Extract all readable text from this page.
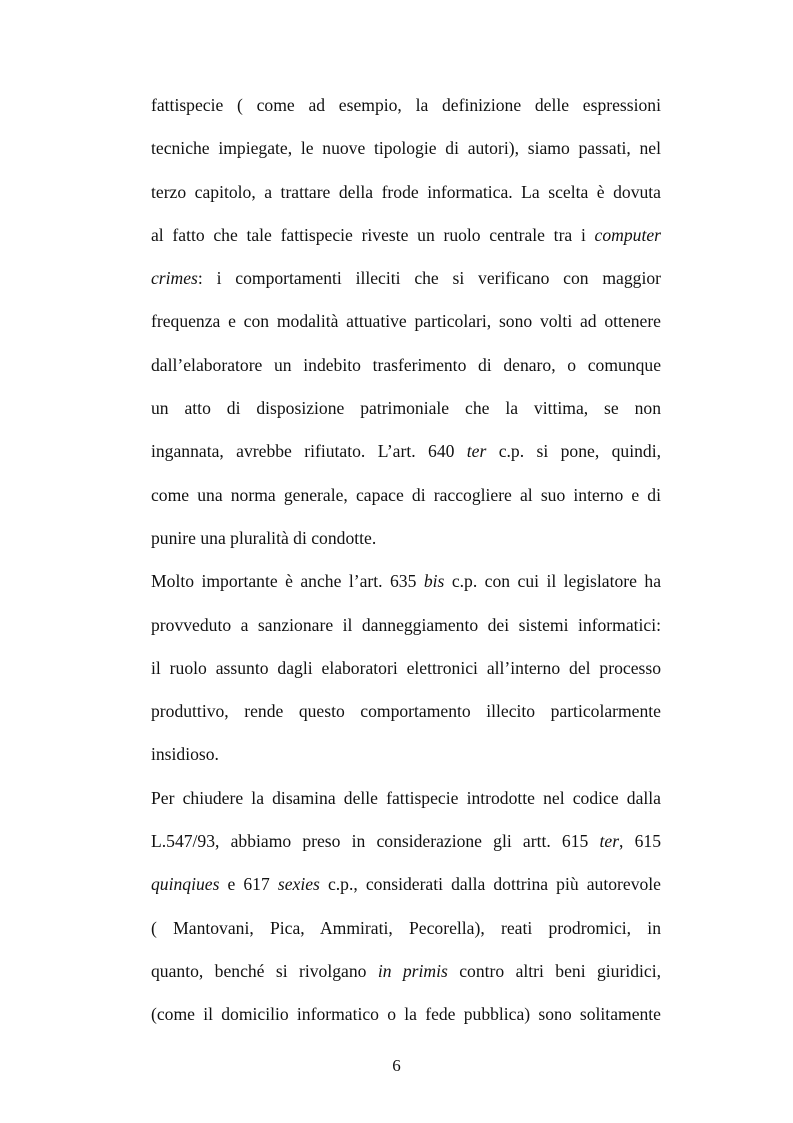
fattispecie ( come ad esempio, la definizione delle espressioni
tecniche impiegate, le nuove tipologie di autori), siamo passati, nel
terzo capitolo, a trattare della frode informatica. La scelta è dovuta
al fatto che tale fattispecie riveste un ruolo centrale tra i computer
crimes: i comportamenti illeciti che si verificano con maggior
frequenza e con modalità attuative particolari, sono volti ad ottenere
dall’elaboratore un indebito trasferimento di denaro, o comunque
un atto di disposizione patrimoniale che la vittima, se non
ingannata, avrebbe rifiutato. L’art. 640 ter c.p. si pone, quindi,
come una norma generale, capace di raccogliere al suo interno e di
punire una pluralità di condotte.
Molto importante è anche l’art. 635 bis c.p. con cui il legislatore ha
provveduto a sanzionare il danneggiamento dei sistemi informatici:
il ruolo assunto dagli elaboratori elettronici all’interno del processo
produttivo, rende questo comportamento illecito particolarmente
insidioso.
Per chiudere la disamina delle fattispecie introdotte nel codice dalla
L.547/93, abbiamo preso in considerazione gli artt. 615 ter, 615
quinqiues e 617 sexies c.p., considerati dalla dottrina più autorevole
( Mantovani, Pica, Ammirati, Pecorella), reati prodromici, in
quanto, benché si rivolgano in primis contro altri beni giuridici,
(come il domicilio informatico o la fede pubblica) sono solitamente
6
